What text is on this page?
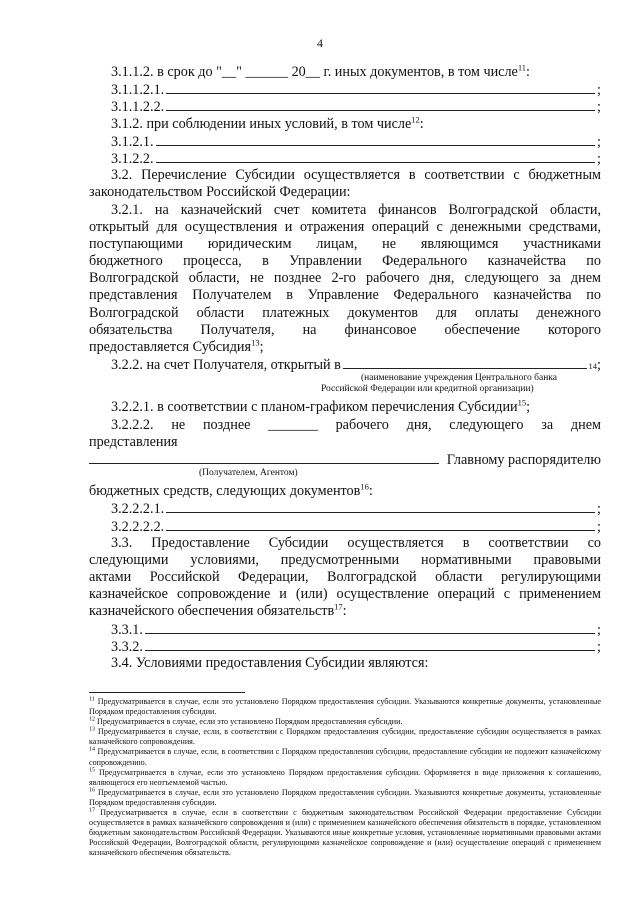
4
3.1.1.2. в срок до "__" ______ 20__ г. иных документов, в том числе$^{11}$:
3.1.1.2.1.	;
3.1.1.2.2.	;
3.1.2. при соблюдении иных условий, в том числе$^{12}$:
3.1.2.1.	;
3.1.2.2.	;
3.2. Перечисление Субсидии осуществляется в соответствии с бюджетным
законодательством Российской Федерации:
3.2.1. на казначейский счет комитета финансов Волгоградской области,
открытый для осуществления и отражения операций с денежными средствами,
поступающими юридическим лицам, не являющимся участниками
бюджетного процесса, в Управлении Федерального казначейства по
Волгоградской области, не позднее 2-го рабочего дня, следующего за днем
представления Получателем в Управление Федерального казначейства по
Волгоградской области платежных документов для оплаты денежного
обязательства Получателя, на финансовое обеспечение которого
предоставляется Субсидия$^{13}$;
3.2.2. на счет Получателя, открытый в	14 ;
(наименование учреждения Центрального банка
Российской Федерации или кредитной организации)
3.2.2.1. в соответствии с планом-графиком перечисления Субсидии$^{15}$;
3.2.2.2. не позднее _______ рабочего дня, следующего за днем
представления
Главному распорядителю
(Получателем, Агентом)
бюджетных средств, следующих документов$^{16}$:
3.2.2.2.1.	;
3.2.2.2.2.	;
3.3. Предоставление Субсидии осуществляется в соответствии со
следующими условиями, предусмотренными нормативными правовыми
актами Российской Федерации, Волгоградской области регулирующими
казначейское сопровождение и (или) осуществление операций с применением
казначейского обеспечения обязательств$^{17}$:
3.3.1.	;
3.3.2.	;
3.4. Условиями предоставления Субсидии являются:
$^{11}$ Предусматривается в случае, если это установлено Порядком предоставления субсидии. Указываются конкретные документы, установленные Порядком предоставления субсидии.
$^{12}$ Предусматривается в случае, если это установлено Порядком предоставления субсидии.
$^{13}$ Предусматривается в случае, если, в соответствии с Порядком предоставления субсидии, предоставление субсидии осуществляется в рамках казначейского сопровождения.
$^{14}$ Предусматривается в случае, если, в соответствии с Порядком предоставления субсидии, предоставление субсидии не подлежит казначейскому сопровождению.
$^{15}$ Предусматривается в случае, если это установлено Порядком предоставления субсидии. Оформляется в виде приложения к соглашению, являющегося его неотъемлемой частью.
$^{16}$ Предусматривается в случае, если это установлено Порядком предоставления субсидии. Указываются конкретные документы, установленные Порядком предоставления субсидии.
$^{17}$ Предусматривается в случае, если в соответствии с бюджетным законодательством Российской Федерации предоставление Субсидии осуществляется в рамках казначейского сопровождения и (или) с применением казначейского обеспечения обязательств в порядке, установленном бюджетным законодательством Российской Федерации. Указываются иные конкретные условия, установленные нормативными правовыми актами Российской Федерации, Волгоградской области, регулирующими казначейское сопровождение и (или) осуществление операций с применением казначейского обеспечения обязательств.
